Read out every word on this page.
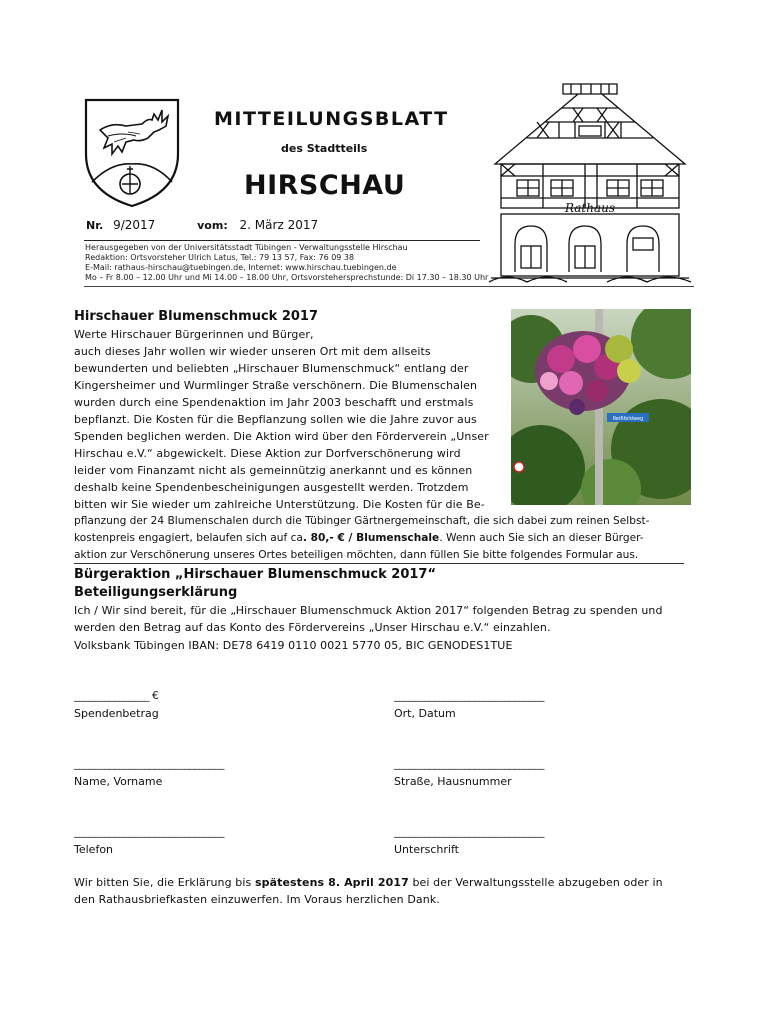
MITTEILUNGSBLATT
des Stadtteils
HIRSCHAU
Nr. 9/2017	vom: 2. März 2017
Herausgegeben von der Universitätsstadt Tübingen - Verwaltungsstelle Hirschau
Redaktion: Ortsvorsteher Ulrich Latus, Tel.: 79 13 57, Fax: 76 09 38
E-Mail: rathaus-hirschau@tuebingen.de, Internet: www.hirschau.tuebingen.de
Mo – Fr 8.00 – 12.00 Uhr und Mi 14.00 – 18.00 Uhr, Ortsvorstehersprechstunde: Di 17.30 – 18.30 Uhr
Rathaus
Hirschauer Blumenschmuck 2017
Werte Hirschauer Bürgerinnen und Bürger,
auch dieses Jahr wollen wir wieder unseren Ort mit dem allseits
bewunderten und beliebten „Hirschauer Blumenschmuck“ entlang der
Kingersheimer und Wurmlinger Straße verschönern. Die Blumenschalen
wurden durch eine Spendenaktion im Jahr 2003 beschafft und erstmals
bepflanzt. Die Kosten für die Bepflanzung sollen wie die Jahre zuvor aus
Spenden beglichen werden. Die Aktion wird über den Förderverein „Unser
Hirschau e.V.“ abgewickelt. Diese Aktion zur Dorfverschönerung wird
leider vom Finanzamt nicht als gemeinnützig anerkannt und es können
deshalb keine Spendenbescheinigungen ausgestellt werden. Trotzdem
bitten wir Sie wieder um zahlreiche Unterstützung. Die Kosten für die Be-
pflanzung der 24 Blumenschalen durch die Tübinger Gärtnergemeinschaft, die sich dabei zum reinen Selbst-
kostenpreis engagiert, belaufen sich auf ca. 80,- € / Blumenschale. Wenn auch Sie sich an dieser Bürger-
aktion zur Verschönerung unseres Ortes beteiligen möchten, dann füllen Sie bitte folgendes Formular aus.
Reißfeldweg
Bürgeraktion „Hirschauer Blumenschmuck 2017“
Beteiligungserklärung
Ich / Wir sind bereit, für die „Hirschauer Blumenschmuck Aktion 2017“ folgenden Betrag zu spenden und
werden den Betrag auf das Konto des Fördervereins „Unser Hirschau e.V.“ einzahlen.
Volksbank Tübingen IBAN: DE78 6419 0110 0021 5770 05, BIC GENODES1TUE
_______________ €	______________________________
Spendenbetrag	Ort, Datum
______________________________	______________________________
Name, Vorname	Straße, Hausnummer
______________________________	______________________________
Telefon	Unterschrift
Wir bitten Sie, die Erklärung bis spätestens 8. April 2017 bei der Verwaltungsstelle abzugeben oder in
den Rathausbriefkasten einzuwerfen. Im Voraus herzlichen Dank.
